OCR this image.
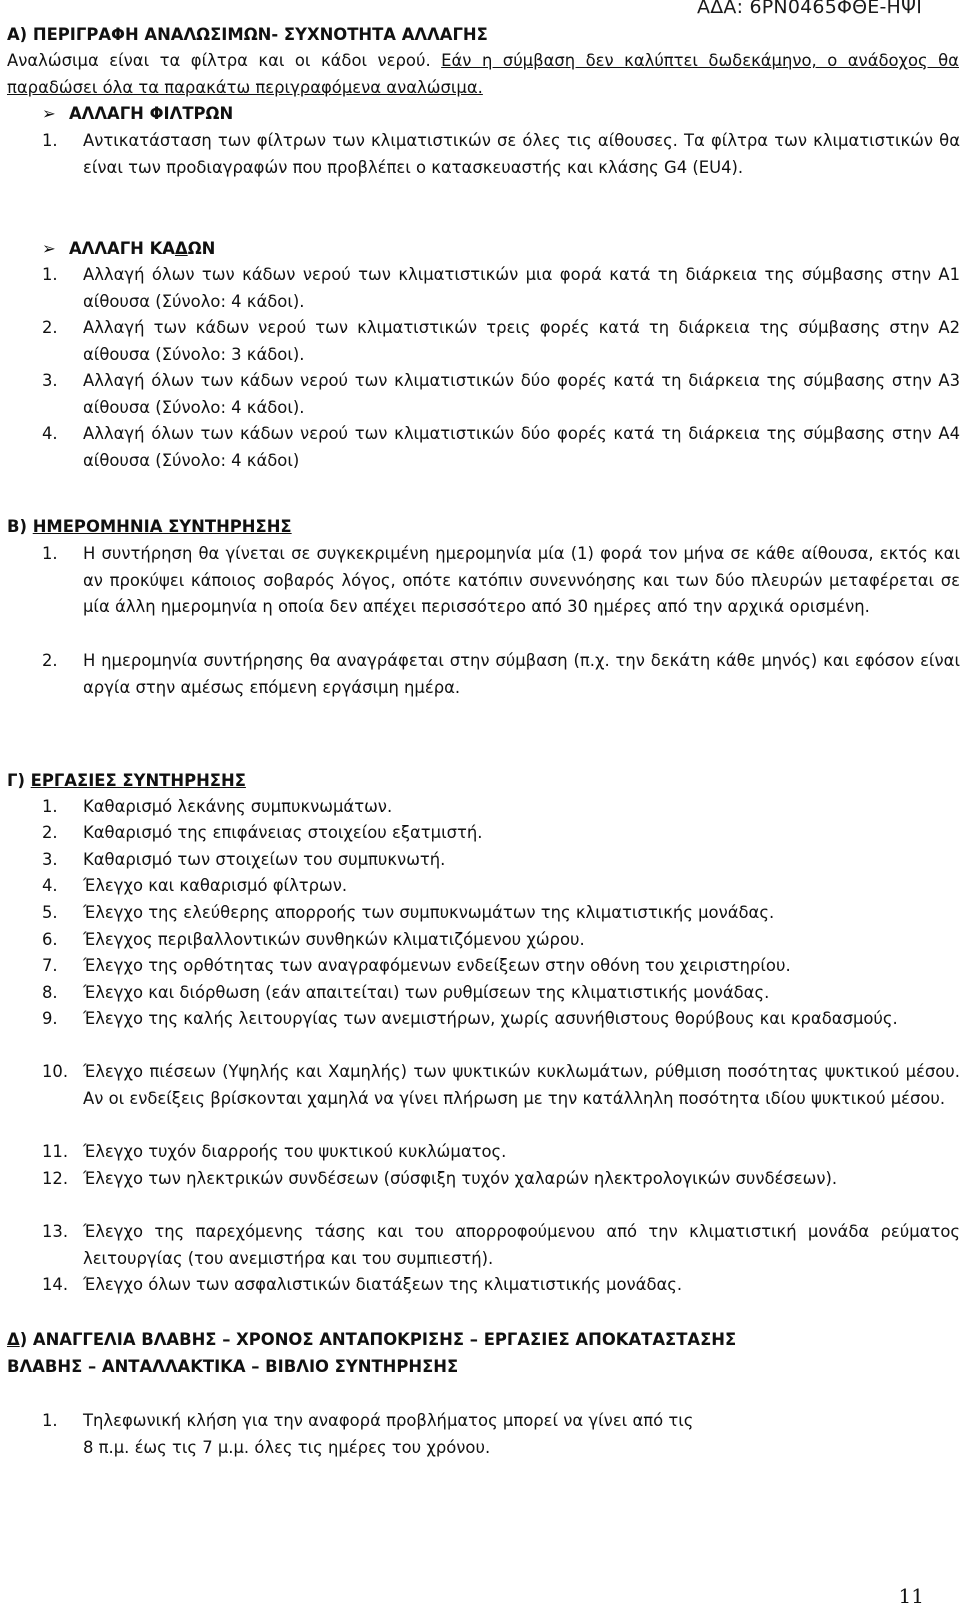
ΑΔΑ: 6ΡΝ0465ΦΘΕ-ΗΨΙ
Α) ΠΕΡΙΓΡΑΦΗ ΑΝΑΛΩΣΙΜΩΝ- ΣΥΧΝΟΤΗΤΑ ΑΛΛΑΓΗΣ
Αναλώσιμα είναι τα φίλτρα και οι κάδοι νερού. Εάν η σύμβαση δεν καλύπτει δωδεκάμηνο, ο ανάδοχος θα παραδώσει όλα τα παρακάτω περιγραφόμενα αναλώσιμα.
➢ ΑΛΛΑΓΗ ΦΙΛΤΡΩΝ
1. Αντικατάσταση των φίλτρων των κλιματιστικών σε όλες τις αίθουσες. Τα φίλτρα των κλιματιστικών θα είναι των προδιαγραφών που προβλέπει ο κατασκευαστής και κλάσης G4 (EU4).
➢ ΑΛΛΑΓΗ ΚΑΔΩΝ
1. Αλλαγή όλων των κάδων νερού των κλιματιστικών μια φορά κατά τη διάρκεια της σύμβασης στην Α1 αίθουσα (Σύνολο: 4 κάδοι).
2. Αλλαγή των κάδων νερού των κλιματιστικών τρεις φορές κατά τη διάρκεια της σύμβασης στην Α2 αίθουσα (Σύνολο: 3 κάδοι).
3. Αλλαγή όλων των κάδων νερού των κλιματιστικών δύο φορές κατά τη διάρκεια της σύμβασης στην Α3 αίθουσα (Σύνολο: 4 κάδοι).
4. Αλλαγή όλων των κάδων νερού των κλιματιστικών δύο φορές κατά τη διάρκεια της σύμβασης στην Α4 αίθουσα (Σύνολο: 4 κάδοι)
Β) ΗΜΕΡΟΜΗΝΙΑ ΣΥΝΤΗΡΗΣΗΣ
1. Η συντήρηση θα γίνεται σε συγκεκριμένη ημερομηνία μία (1) φορά τον μήνα σε κάθε αίθουσα, εκτός και αν προκύψει κάποιος σοβαρός λόγος, οπότε κατόπιν συνεννόησης και των δύο πλευρών μεταφέρεται σε μία άλλη ημερομηνία η οποία δεν απέχει περισσότερο από 30 ημέρες από την αρχικά ορισμένη.
2. Η ημερομηνία συντήρησης θα αναγράφεται στην σύμβαση (π.χ. την δεκάτη κάθε μηνός) και εφόσον είναι αργία στην αμέσως επόμενη εργάσιμη ημέρα.
Γ) ΕΡΓΑΣΙΕΣ ΣΥΝΤΗΡΗΣΗΣ
1. Καθαρισμό λεκάνης συμπυκνωμάτων.
2. Καθαρισμό της επιφάνειας στοιχείου εξατμιστή.
3. Καθαρισμό των στοιχείων του συμπυκνωτή.
4. Έλεγχο και καθαρισμό φίλτρων.
5. Έλεγχο της ελεύθερης απορροής των συμπυκνωμάτων της κλιματιστικής μονάδας.
6. Έλεγχος περιβαλλοντικών συνθηκών κλιματιζόμενου χώρου.
7. Έλεγχο της ορθότητας των αναγραφόμενων ενδείξεων στην οθόνη του χειριστηρίου.
8. Έλεγχο και διόρθωση (εάν απαιτείται) των ρυθμίσεων της κλιματιστικής μονάδας.
9. Έλεγχο της καλής λειτουργίας των ανεμιστήρων, χωρίς ασυνήθιστους θορύβους και κραδασμούς.
10. Έλεγχο πιέσεων (Υψηλής και Χαμηλής) των ψυκτικών κυκλωμάτων, ρύθμιση ποσότητας ψυκτικού μέσου. Αν οι ενδείξεις βρίσκονται χαμηλά να γίνει πλήρωση με την κατάλληλη ποσότητα ιδίου ψυκτικού μέσου.
11. Έλεγχο τυχόν διαρροής του ψυκτικού κυκλώματος.
12. Έλεγχο των ηλεκτρικών συνδέσεων (σύσφιξη τυχόν χαλαρών ηλεκτρολογικών συνδέσεων).
13. Έλεγχο της παρεχόμενης τάσης και του απορροφούμενου από την κλιματιστική μονάδα ρεύματος λειτουργίας (του ανεμιστήρα και του συμπιεστή).
14. Έλεγχο όλων των ασφαλιστικών διατάξεων της κλιματιστικής μονάδας.
Δ) ΑΝΑΓΓΕΛΙΑ ΒΛΑΒΗΣ – ΧΡΟΝΟΣ ΑΝΤΑΠΟΚΡΙΣΗΣ – ΕΡΓΑΣΙΕΣ ΑΠΟΚΑΤΑΣΤΑΣΗΣ
ΒΛΑΒΗΣ – ΑΝΤΑΛΛΑΚΤΙΚΑ – ΒΙΒΛΙΟ ΣΥΝΤΗΡΗΣΗΣ
1. Τηλεφωνική κλήση για την αναφορά προβλήματος μπορεί να γίνει από τις
8 π.μ. έως τις 7 μ.μ. όλες τις ημέρες του χρόνου.
11
